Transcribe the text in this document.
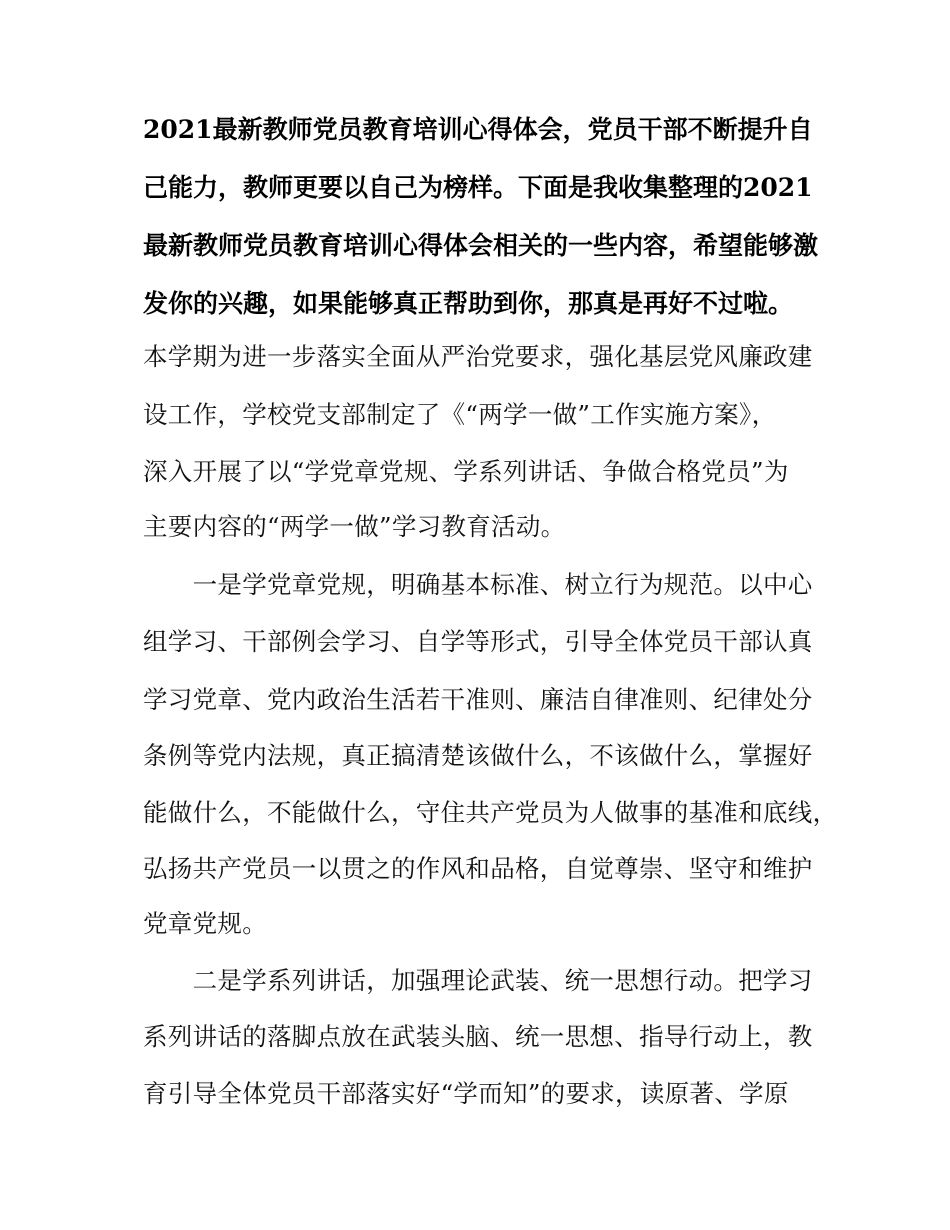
2021最新教师党员教育培训心得体会，党员干部不断提升自
己能力，教师更要以自己为榜样。下面是我收集整理的2021
最新教师党员教育培训心得体会相关的一些内容，希望能够激
发你的兴趣，如果能够真正帮助到你，那真是再好不过啦。
本学期为进一步落实全面从严治党要求，强化基层党风廉政建
设工作，学校党支部制定了《“两学一做”工作实施方案》，
深入开展了以“学党章党规、学系列讲话、争做合格党员”为
主要内容的“两学一做”学习教育活动。
　　一是学党章党规，明确基本标准、树立行为规范。以中心
组学习、干部例会学习、自学等形式，引导全体党员干部认真
学习党章、党内政治生活若干准则、廉洁自律准则、纪律处分
条例等党内法规，真正搞清楚该做什么，不该做什么，掌握好
能做什么，不能做什么，守住共产党员为人做事的基准和底线，
弘扬共产党员一以贯之的作风和品格，自觉尊崇、坚守和维护
党章党规。
　　二是学系列讲话，加强理论武装、统一思想行动。把学习
系列讲话的落脚点放在武装头脑、统一思想、指导行动上，教
育引导全体党员干部落实好“学而知”的要求，读原著、学原
